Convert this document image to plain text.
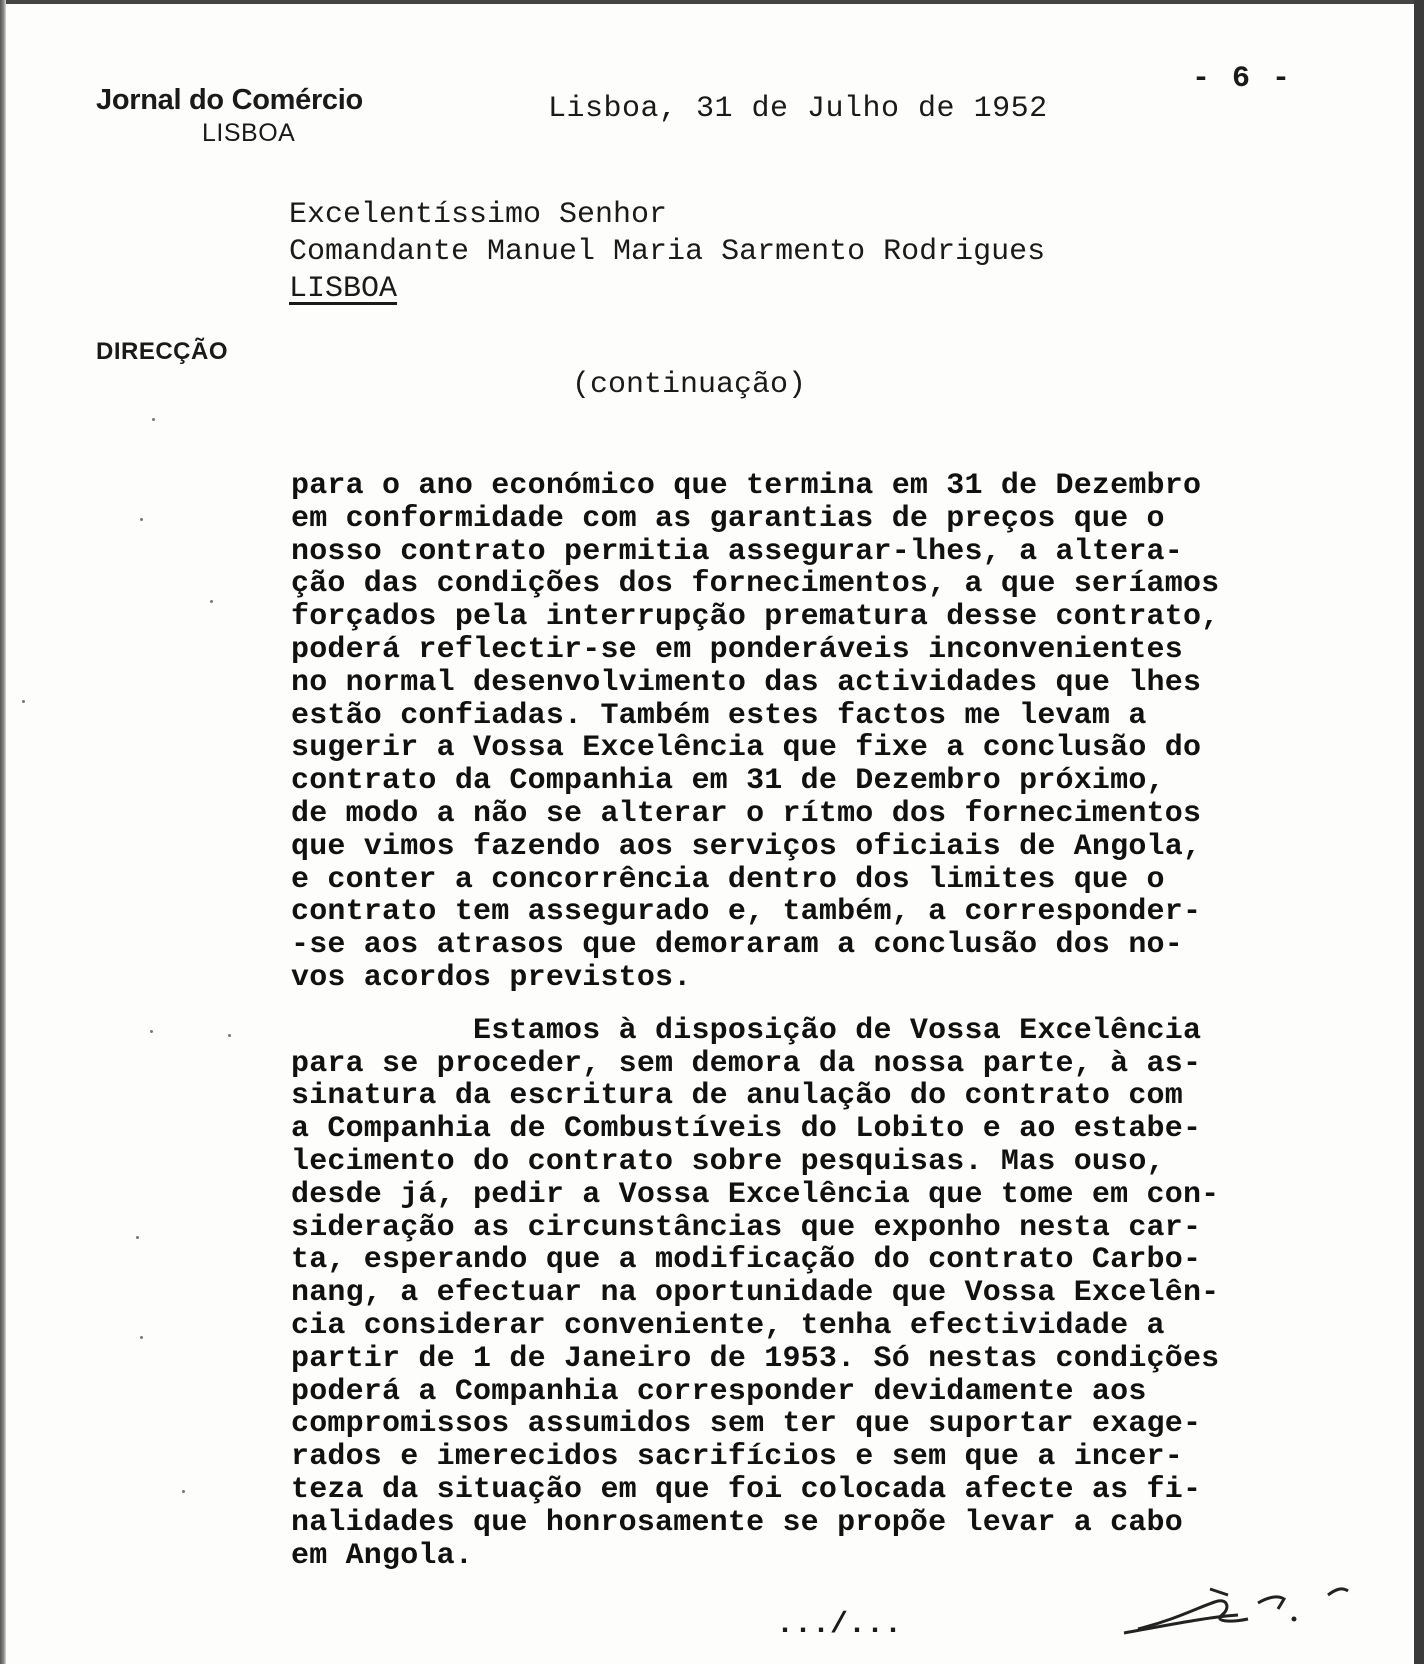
Jornal do Comércio
LISBOA
- 6 -
Lisboa, 31 de Julho de 1952
Excelentíssimo Senhor
Comandante Manuel Maria Sarmento Rodrigues
LISBOA
DIRECÇÃO
(continuação)
para o ano económico que termina em 31 de Dezembro
em conformidade com as garantias de preços que o
nosso contrato permitia assegurar-lhes, a altera-
ção das condições dos fornecimentos, a que seríamos
forçados pela interrupção prematura desse contrato,
poderá reflectir-se em ponderáveis inconvenientes
no normal desenvolvimento das actividades que lhes
estão confiadas. Também estes factos me levam a
sugerir a Vossa Excelência que fixe a conclusão do
contrato da Companhia em 31 de Dezembro próximo,
de modo a não se alterar o rítmo dos fornecimentos
que vimos fazendo aos serviços oficiais de Angola,
e conter a concorrência dentro dos limites que o
contrato tem assegurado e, também, a corresponder-
-se aos atrasos que demoraram a conclusão dos no-
vos acordos previstos.
Estamos à disposição de Vossa Excelência
para se proceder, sem demora da nossa parte, à as-
sinatura da escritura de anulação do contrato com
a Companhia de Combustíveis do Lobito e ao estabe-
lecimento do contrato sobre pesquisas. Mas ouso,
desde já, pedir a Vossa Excelência que tome em con-
sideração as circunstâncias que exponho nesta car-
ta, esperando que a modificação do contrato Carbo-
nang, a efectuar na oportunidade que Vossa Excelên-
cia considerar conveniente, tenha efectividade a
partir de 1 de Janeiro de 1953. Só nestas condições
poderá a Companhia corresponder devidamente aos
compromissos assumidos sem ter que suportar exage-
rados e imerecidos sacrifícios e sem que a incer-
teza da situação em que foi colocada afecte as fi-
nalidades que honrosamente se propõe levar a cabo
em Angola.
.../...
